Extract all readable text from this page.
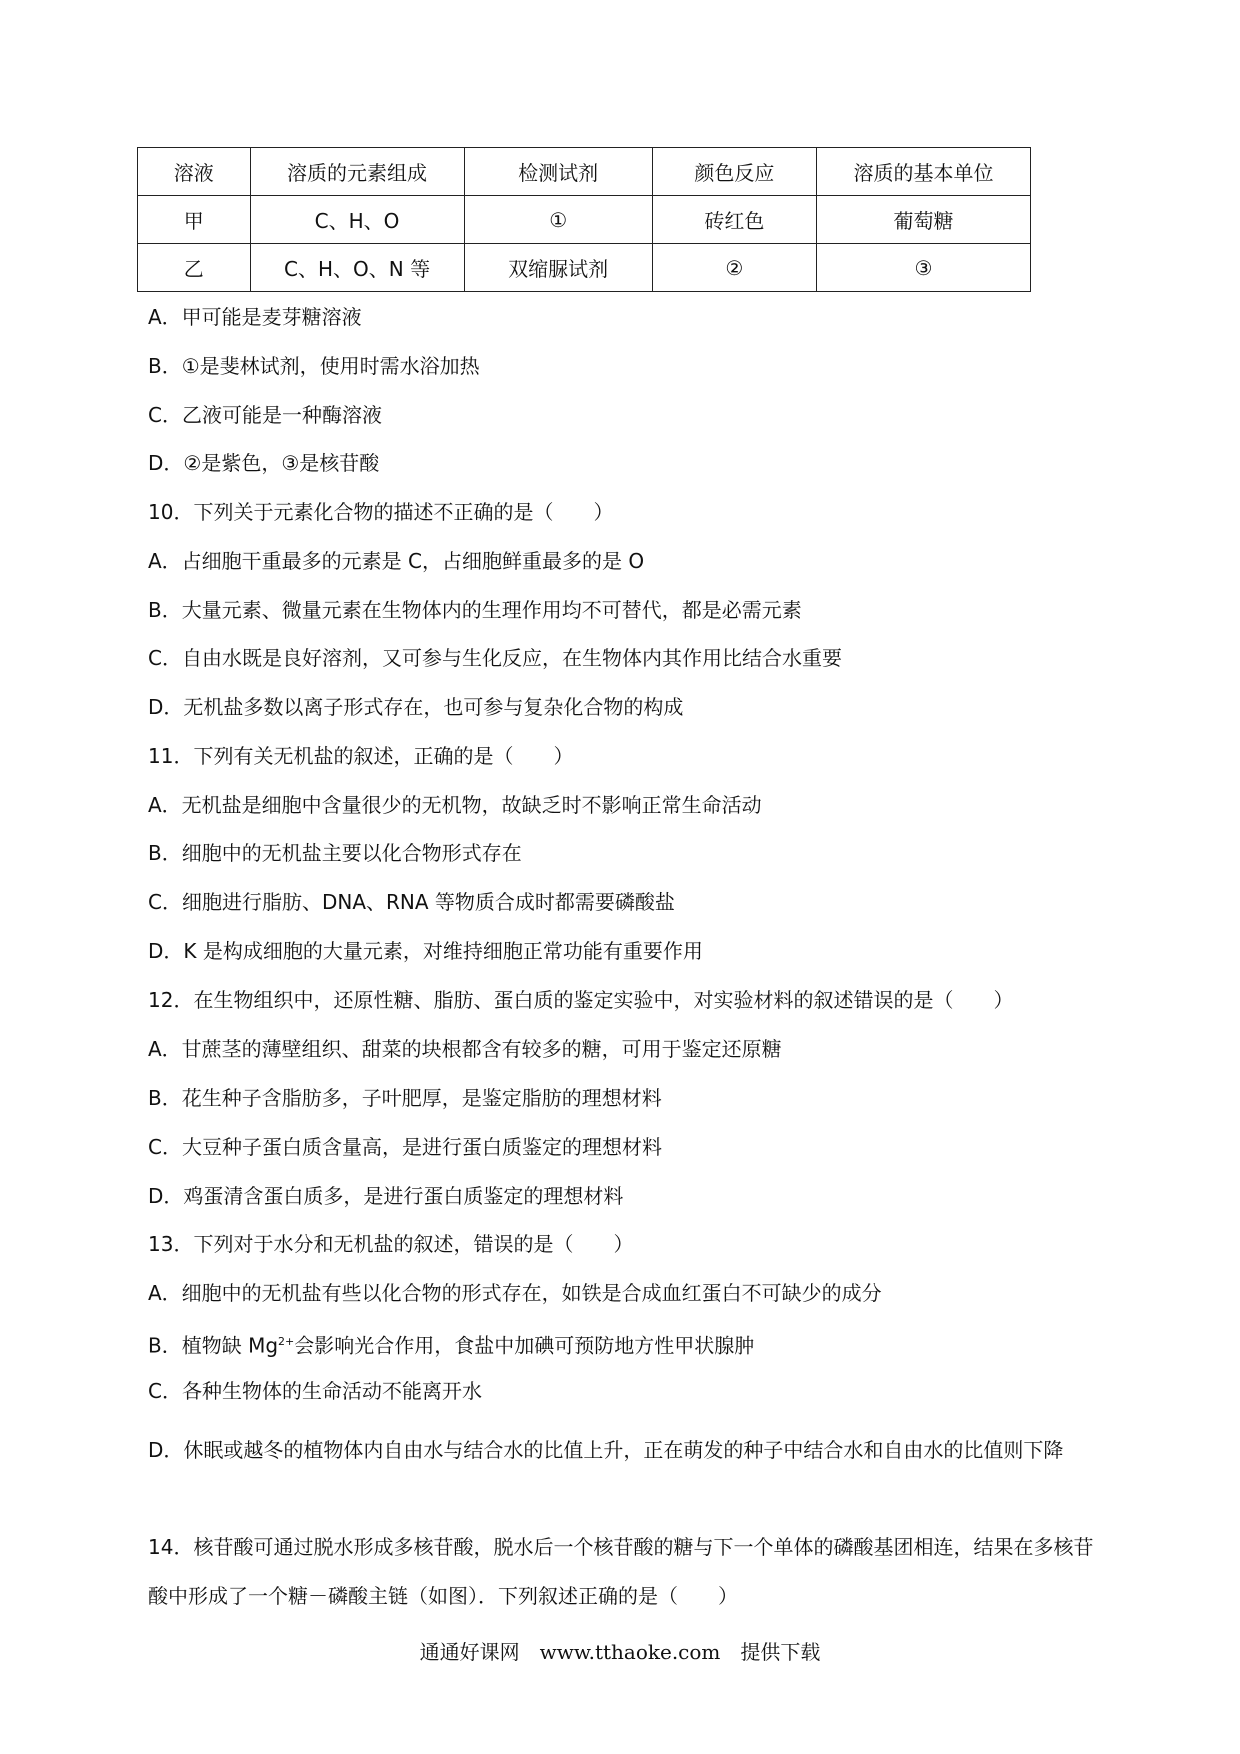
溶液	溶质的元素组成	检测试剂	颜色反应	溶质的基本单位
甲	C、H、O	①	砖红色	葡萄糖
乙	C、H、O、N 等	双缩脲试剂	②	③
A．甲可能是麦芽糖溶液
B．①是斐林试剂，使用时需水浴加热
C．乙液可能是一种酶溶液
D．②是紫色，③是核苷酸
10．下列关于元素化合物的描述不正确的是（　　）
A．占细胞干重最多的元素是 C，占细胞鲜重最多的是 O
B．大量元素、微量元素在生物体内的生理作用均不可替代，都是必需元素
C．自由水既是良好溶剂，又可参与生化反应，在生物体内其作用比结合水重要
D．无机盐多数以离子形式存在，也可参与复杂化合物的构成
11．下列有关无机盐的叙述，正确的是（　　）
A．无机盐是细胞中含量很少的无机物，故缺乏时不影响正常生命活动
B．细胞中的无机盐主要以化合物形式存在
C．细胞进行脂肪、DNA、RNA 等物质合成时都需要磷酸盐
D．K 是构成细胞的大量元素，对维持细胞正常功能有重要作用
12．在生物组织中，还原性糖、脂肪、蛋白质的鉴定实验中，对实验材料的叙述错误的是（　　）
A．甘蔗茎的薄壁组织、甜菜的块根都含有较多的糖，可用于鉴定还原糖
B．花生种子含脂肪多，子叶肥厚，是鉴定脂肪的理想材料
C．大豆种子蛋白质含量高，是进行蛋白质鉴定的理想材料
D．鸡蛋清含蛋白质多，是进行蛋白质鉴定的理想材料
13．下列对于水分和无机盐的叙述，错误的是（　　）
A．细胞中的无机盐有些以化合物的形式存在，如铁是合成血红蛋白不可缺少的成分
B．植物缺 $Mg^{2+}$会影响光合作用，食盐中加碘可预防地方性甲状腺肿
C．各种生物体的生命活动不能离开水
D．休眠或越冬的植物体内自由水与结合水的比值上升，正在萌发的种子中结合水和自由水的比值则下降
14．核苷酸可通过脱水形成多核苷酸，脱水后一个核苷酸的糖与下一个单体的磷酸基团相连，结果在多核苷酸中形成了一个糖－磷酸主链（如图）．下列叙述正确的是（　　）
通通好课网　www.tthaoke.com　提供下载
